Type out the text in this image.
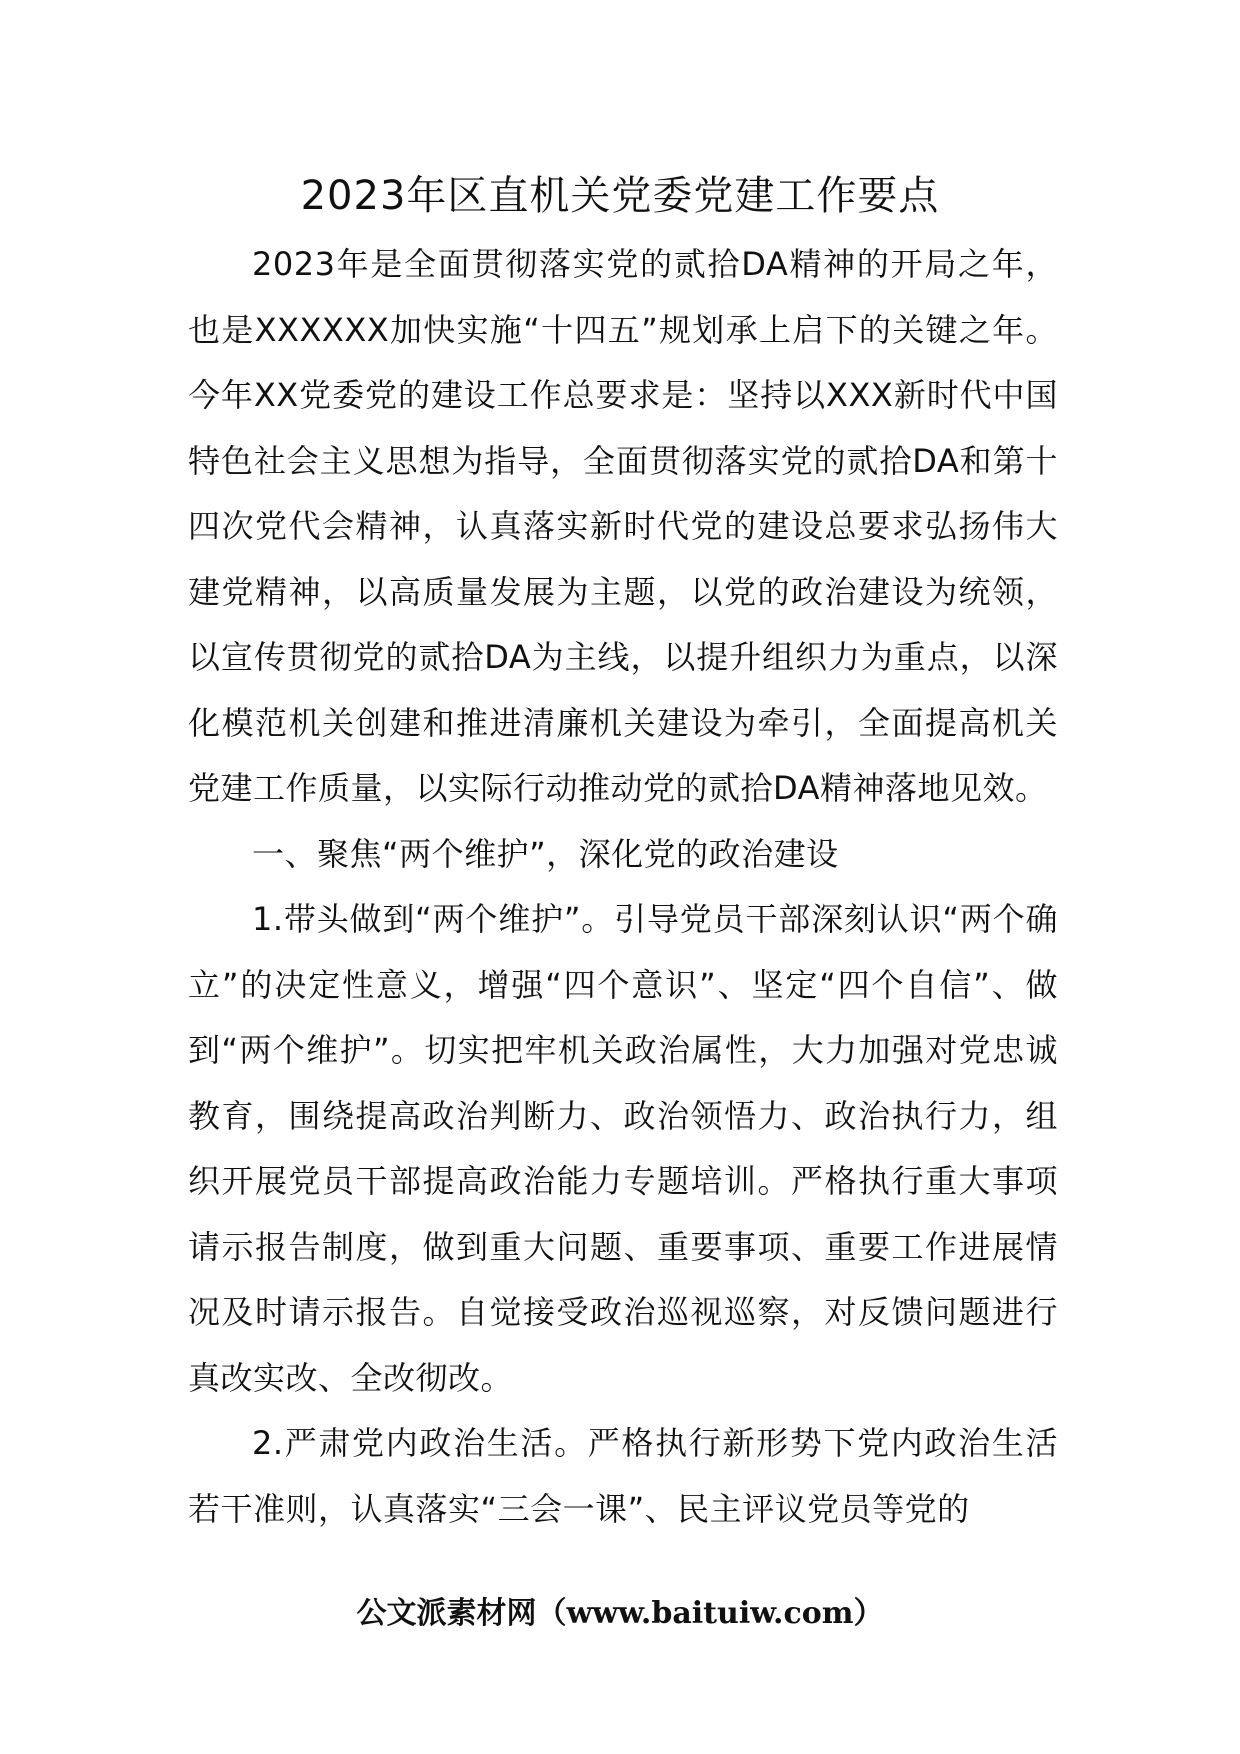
2023年区直机关党委党建工作要点

2023年是全面贯彻落实党的贰拾DA精神的开局之年，也是XXXXXX加快实施“十四五”规划承上启下的关键之年。今年XX党委党的建设工作总要求是：坚持以XXX新时代中国特色社会主义思想为指导，全面贯彻落实党的贰拾DA和第十四次党代会精神，认真落实新时代党的建设总要求弘扬伟大建党精神，以高质量发展为主题，以党的政治建设为统领，以宣传贯彻党的贰拾DA为主线，以提升组织力为重点，以深化模范机关创建和推进清廉机关建设为牵引，全面提高机关党建工作质量，以实际行动推动党的贰拾DA精神落地见效。

一、聚焦“两个维护”，深化党的政治建设

1.带头做到“两个维护”。引导党员干部深刻认识“两个确立”的决定性意义，增强“四个意识”、坚定“四个自信”、做到“两个维护”。切实把牢机关政治属性，大力加强对党忠诚教育，围绕提高政治判断力、政治领悟力、政治执行力，组织开展党员干部提高政治能力专题培训。严格执行重大事项请示报告制度，做到重大问题、重要事项、重要工作进展情况及时请示报告。自觉接受政治巡视巡察，对反馈问题进行真改实改、全改彻改。

2.严肃党内政治生活。严格执行新形势下党内政治生活若干准则，认真落实“三会一课”、民主评议党员等党的

公文派素材网（www.baituiw.com）
